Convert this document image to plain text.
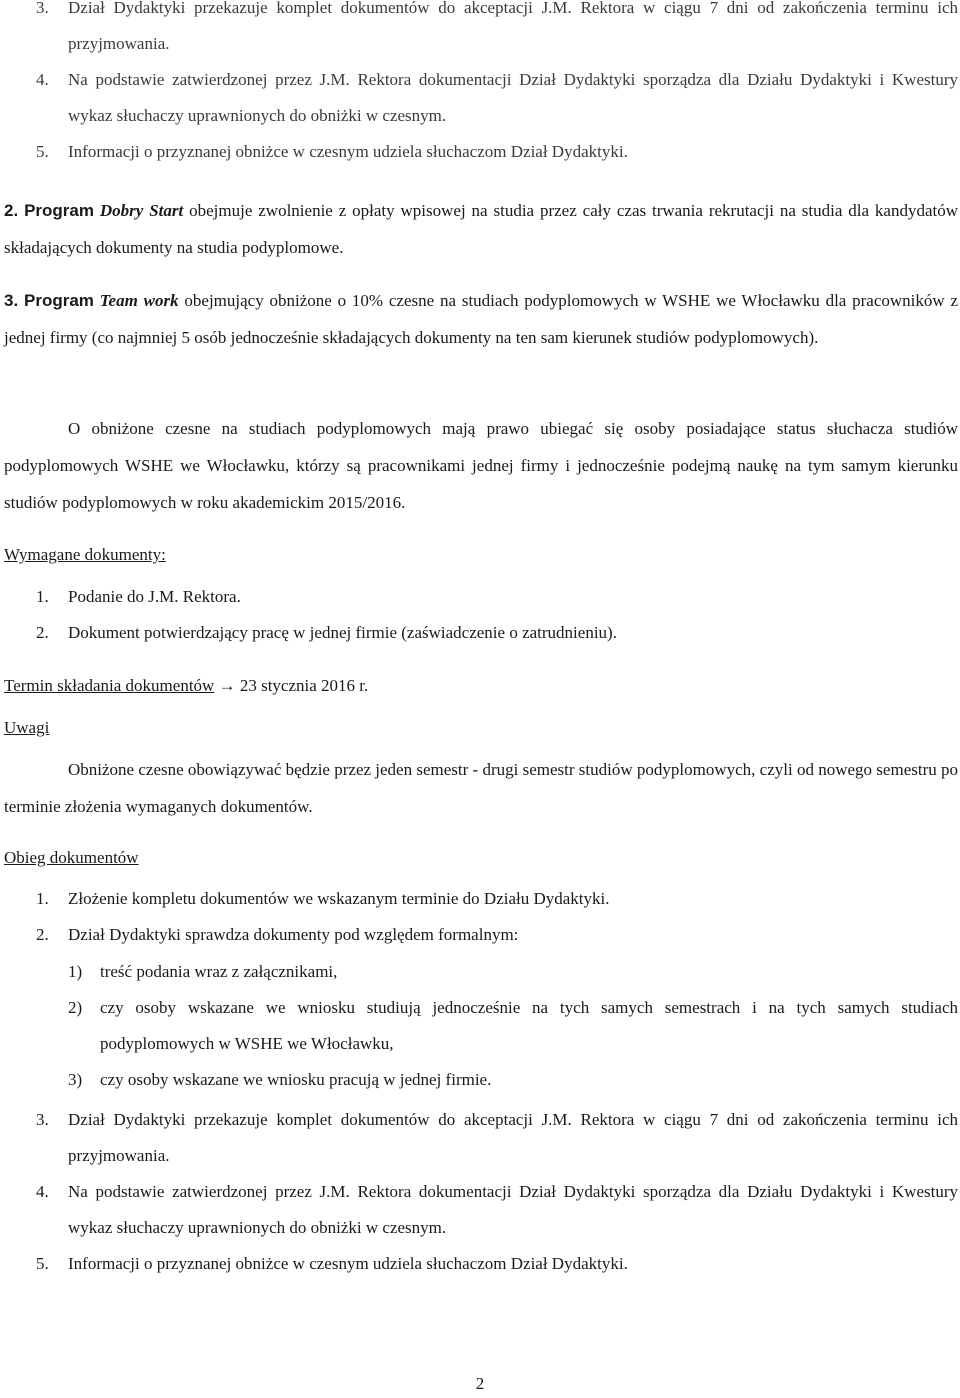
3. Dział Dydaktyki przekazuje komplet dokumentów do akceptacji J.M. Rektora w ciągu 7 dni od zakończenia terminu ich przyjmowania.
4. Na podstawie zatwierdzonej przez J.M. Rektora dokumentacji Dział Dydaktyki sporządza dla Działu Dydaktyki i Kwestury wykaz słuchaczy uprawnionych do obniżki w czesnym.
5. Informacji o przyznanej obniżce w czesnym udziela słuchaczom Dział Dydaktyki.
2. Program Dobry Start obejmuje zwolnienie z opłaty wpisowej na studia przez cały czas trwania rekrutacji na studia dla kandydatów składających dokumenty na studia podyplomowe.
3. Program Team work obejmujący obniżone o 10% czesne na studiach podyplomowych w WSHE we Włocławku dla pracowników z jednej firmy (co najmniej 5 osób jednocześnie składających dokumenty na ten sam kierunek studiów podyplomowych).
O obniżone czesne na studiach podyplomowych mają prawo ubiegać się osoby posiadające status słuchacza studiów podyplomowych WSHE we Włocławku, którzy są pracownikami jednej firmy i jednocześnie podejmą naukę na tym samym kierunku studiów podyplomowych w roku akademickim 2015/2016.
Wymagane dokumenty:
1. Podanie do J.M. Rektora.
2. Dokument potwierdzający pracę w jednej firmie (zaświadczenie o zatrudnieniu).
Termin składania dokumentów → 23 stycznia 2016 r.
Uwagi
Obniżone czesne obowiązywać będzie przez jeden semestr - drugi semestr studiów podyplomowych, czyli od nowego semestru po terminie złożenia wymaganych dokumentów.
Obieg dokumentów
1. Złożenie kompletu dokumentów we wskazanym terminie do Działu Dydaktyki.
2. Dział Dydaktyki sprawdza dokumenty pod względem formalnym:
1) treść podania wraz z załącznikami,
2) czy osoby wskazane we wniosku studiują jednocześnie na tych samych semestrach i na tych samych studiach podyplomowych w WSHE we Włocławku,
3) czy osoby wskazane we wniosku pracują w jednej firmie.
3. Dział Dydaktyki przekazuje komplet dokumentów do akceptacji J.M. Rektora w ciągu 7 dni od zakończenia terminu ich przyjmowania.
4. Na podstawie zatwierdzonej przez J.M. Rektora dokumentacji Dział Dydaktyki sporządza dla Działu Dydaktyki i Kwestury wykaz słuchaczy uprawnionych do obniżki w czesnym.
5. Informacji o przyznanej obniżce w czesnym udziela słuchaczom Dział Dydaktyki.
2
